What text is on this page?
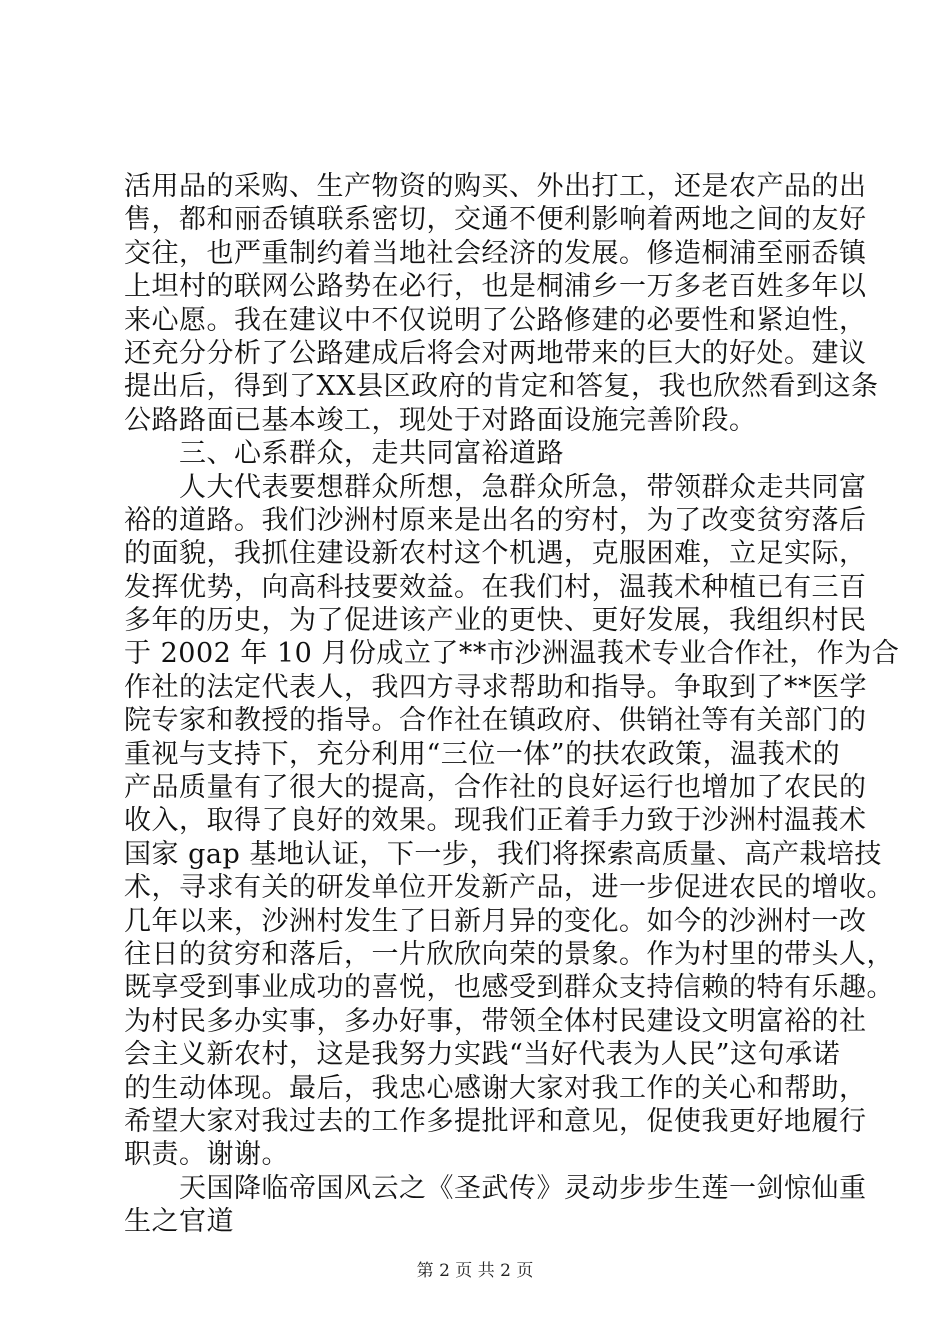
活用品的采购、生产物资的购买、外出打工，还是农产品的出
售，都和丽岙镇联系密切，交通不便利影响着两地之间的友好
交往，也严重制约着当地社会经济的发展。修造桐浦至丽岙镇
上坦村的联网公路势在必行，也是桐浦乡一万多老百姓多年以
来心愿。我在建议中不仅说明了公路修建的必要性和紧迫性，
还充分分析了公路建成后将会对两地带来的巨大的好处。建议
提出后，得到了XX县区政府的肯定和答复，我也欣然看到这条
公路路面已基本竣工，现处于对路面设施完善阶段。
三、心系群众，走共同富裕道路
人大代表要想群众所想，急群众所急，带领群众走共同富
裕的道路。我们沙洲村原来是出名的穷村，为了改变贫穷落后
的面貌，我抓住建设新农村这个机遇，克服困难，立足实际，
发挥优势，向高科技要效益。在我们村，温莪术种植已有三百
多年的历史，为了促进该产业的更快、更好发展，我组织村民
于 2002 年 10 月份成立了**市沙洲温莪术专业合作社，作为合
作社的法定代表人，我四方寻求帮助和指导。争取到了**医学
院专家和教授的指导。合作社在镇政府、供销社等有关部门的
重视与支持下，充分利用“三位一体”的扶农政策，温莪术的
产品质量有了很大的提高，合作社的良好运行也增加了农民的
收入，取得了良好的效果。现我们正着手力致于沙洲村温莪术
国家 gap 基地认证，下一步，我们将探索高质量、高产栽培技
术，寻求有关的研发单位开发新产品，进一步促进农民的增收。
几年以来，沙洲村发生了日新月异的变化。如今的沙洲村一改
往日的贫穷和落后，一片欣欣向荣的景象。作为村里的带头人，
既享受到事业成功的喜悦，也感受到群众支持信赖的特有乐趣。
为村民多办实事，多办好事，带领全体村民建设文明富裕的社
会主义新农村，这是我努力实践“当好代表为人民”这句承诺
的生动体现。最后，我忠心感谢大家对我工作的关心和帮助，
希望大家对我过去的工作多提批评和意见，促使我更好地履行
职责。谢谢。
天国降临帝国风云之《圣武传》灵动步步生莲一剑惊仙重
生之官道
第 2 页 共 2 页
